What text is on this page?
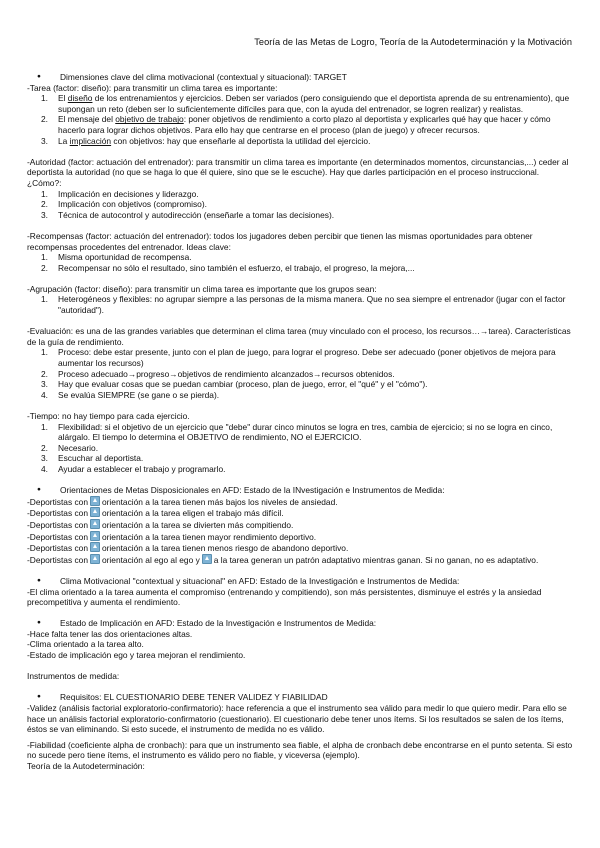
Teoría de las Metas de Logro, Teoría de la Autodeterminación y la Motivación

● Dimensiones clave del clima motivacional (contextual y situacional): TARGET

-Tarea (factor: diseño): para transmitir un clima tarea es importante:

1. El diseño de los entrenamientos y ejercicios. Deben ser variados (pero consiguiendo que el deportista aprenda de su entrenamiento), que supongan un reto (deben ser lo suficientemente difíciles para que, con la ayuda del entrenador, se logren realizar) y realistas.

2. El mensaje del objetivo de trabajo: poner objetivos de rendimiento a corto plazo al deportista y explicarles qué hay que hacer y cómo hacerlo para lograr dichos objetivos. Para ello hay que centrarse en el proceso (plan de juego) y ofrecer recursos.

3. La implicación con objetivos: hay que enseñarle al deportista la utilidad del ejercicio.

-Autoridad (factor: actuación del entrenador): para transmitir un clima tarea es importante (en determinados momentos, circunstancias,...) ceder al deportista la autoridad (no que se haga lo que él quiere, sino que se le escuche). Hay que darles participación en el proceso instruccional. ¿Cómo?:

1. Implicación en decisiones y liderazgo.

2. Implicación con objetivos (compromiso).

3. Técnica de autocontrol y autodirección (enseñarle a tomar las decisiones).

-Recompensas (factor: actuación del entrenador): todos los jugadores deben percibir que tienen las mismas oportunidades para obtener recompensas procedentes del entrenador. Ideas clave:

1. Misma oportunidad de recompensa.

2. Recompensar no sólo el resultado, sino también el esfuerzo, el trabajo, el progreso, la mejora,...

-Agrupación (factor: diseño): para transmitir un clima tarea es importante que los grupos sean:

1. Heterogéneos y flexibles: no agrupar siempre a las personas de la misma manera. Que no sea siempre el entrenador (jugar con el factor "autoridad").

-Evaluación: es una de las grandes variables que determinan el clima tarea (muy vinculado con el proceso, los recursos…→tarea). Características de la guía de rendimiento.

1. Proceso: debe estar presente, junto con el plan de juego, para lograr el progreso. Debe ser adecuado (poner objetivos de mejora para aumentar los recursos)

2. Proceso adecuado→progreso→objetivos de rendimiento alcanzados→recursos obtenidos.

3. Hay que evaluar cosas que se puedan cambiar (proceso, plan de juego, error, el "qué" y el "cómo").

4. Se evalúa SIEMPRE (se gane o se pierda).

-Tiempo: no hay tiempo para cada ejercicio.

1. Flexibilidad: si el objetivo de un ejercicio que "debe" durar cinco minutos se logra en tres, cambia de ejercicio; si no se logra en cinco, alárgalo. El tiempo lo determina el OBJETIVO de rendimiento, NO el EJERCICIO.

2. Necesario.

3. Escuchar al deportista.

4. Ayudar a establecer el trabajo y programarlo.

● Orientaciones de Metas Disposicionales en AFD: Estado de la INvestigación e Instrumentos de Medida:

-Deportistas con orientación a la tarea tienen más bajos los niveles de ansiedad.

-Deportistas con orientación a la tarea eligen el trabajo más difícil.

-Deportistas con orientación a la tarea se divierten más compitiendo.

-Deportistas con orientación a la tarea tienen mayor rendimiento deportivo.

-Deportistas con orientación a la tarea tienen menos riesgo de abandono deportivo.

-Deportistas con orientación al ego al ego y a la tarea generan un patrón adaptativo mientras ganan. Si no ganan, no es adaptativo.

● Clima Motivacional "contextual y situacional" en AFD: Estado de la Investigación e Instrumentos de Medida:

-El clima orientado a la tarea aumenta el compromiso (entrenando y compitiendo), son más persistentes, disminuye el estrés y la ansiedad precompetitiva y aumenta el rendimiento.

● Estado de Implicación en AFD: Estado de la Investigación e Instrumentos de Medida:

-Hace falta tener las dos orientaciones altas.

-Clima orientado a la tarea alto.

-Estado de implicación ego y tarea mejoran el rendimiento.

Instrumentos de medida:

● Requisitos: EL CUESTIONARIO DEBE TENER VALIDEZ Y FIABILIDAD

-Validez (análisis factorial exploratorio-confirmatorio): hace referencia a que el instrumento sea válido para medir lo que quiero medir. Para ello se hace un análisis factorial exploratorio-confirmatorio (cuestionario). El cuestionario debe tener unos ítems. Si los resultados se salen de los ítems, éstos se van eliminando. Si esto sucede, el instrumento de medida no es válido.

-Fiabilidad (coeficiente alpha de cronbach): para que un instrumento sea fiable, el alpha de cronbach debe encontrarse en el punto setenta. Si esto no sucede pero tiene ítems, el instrumento es válido pero no fiable, y viceversa (ejemplo).

Teoría de la Autodeterminación:
